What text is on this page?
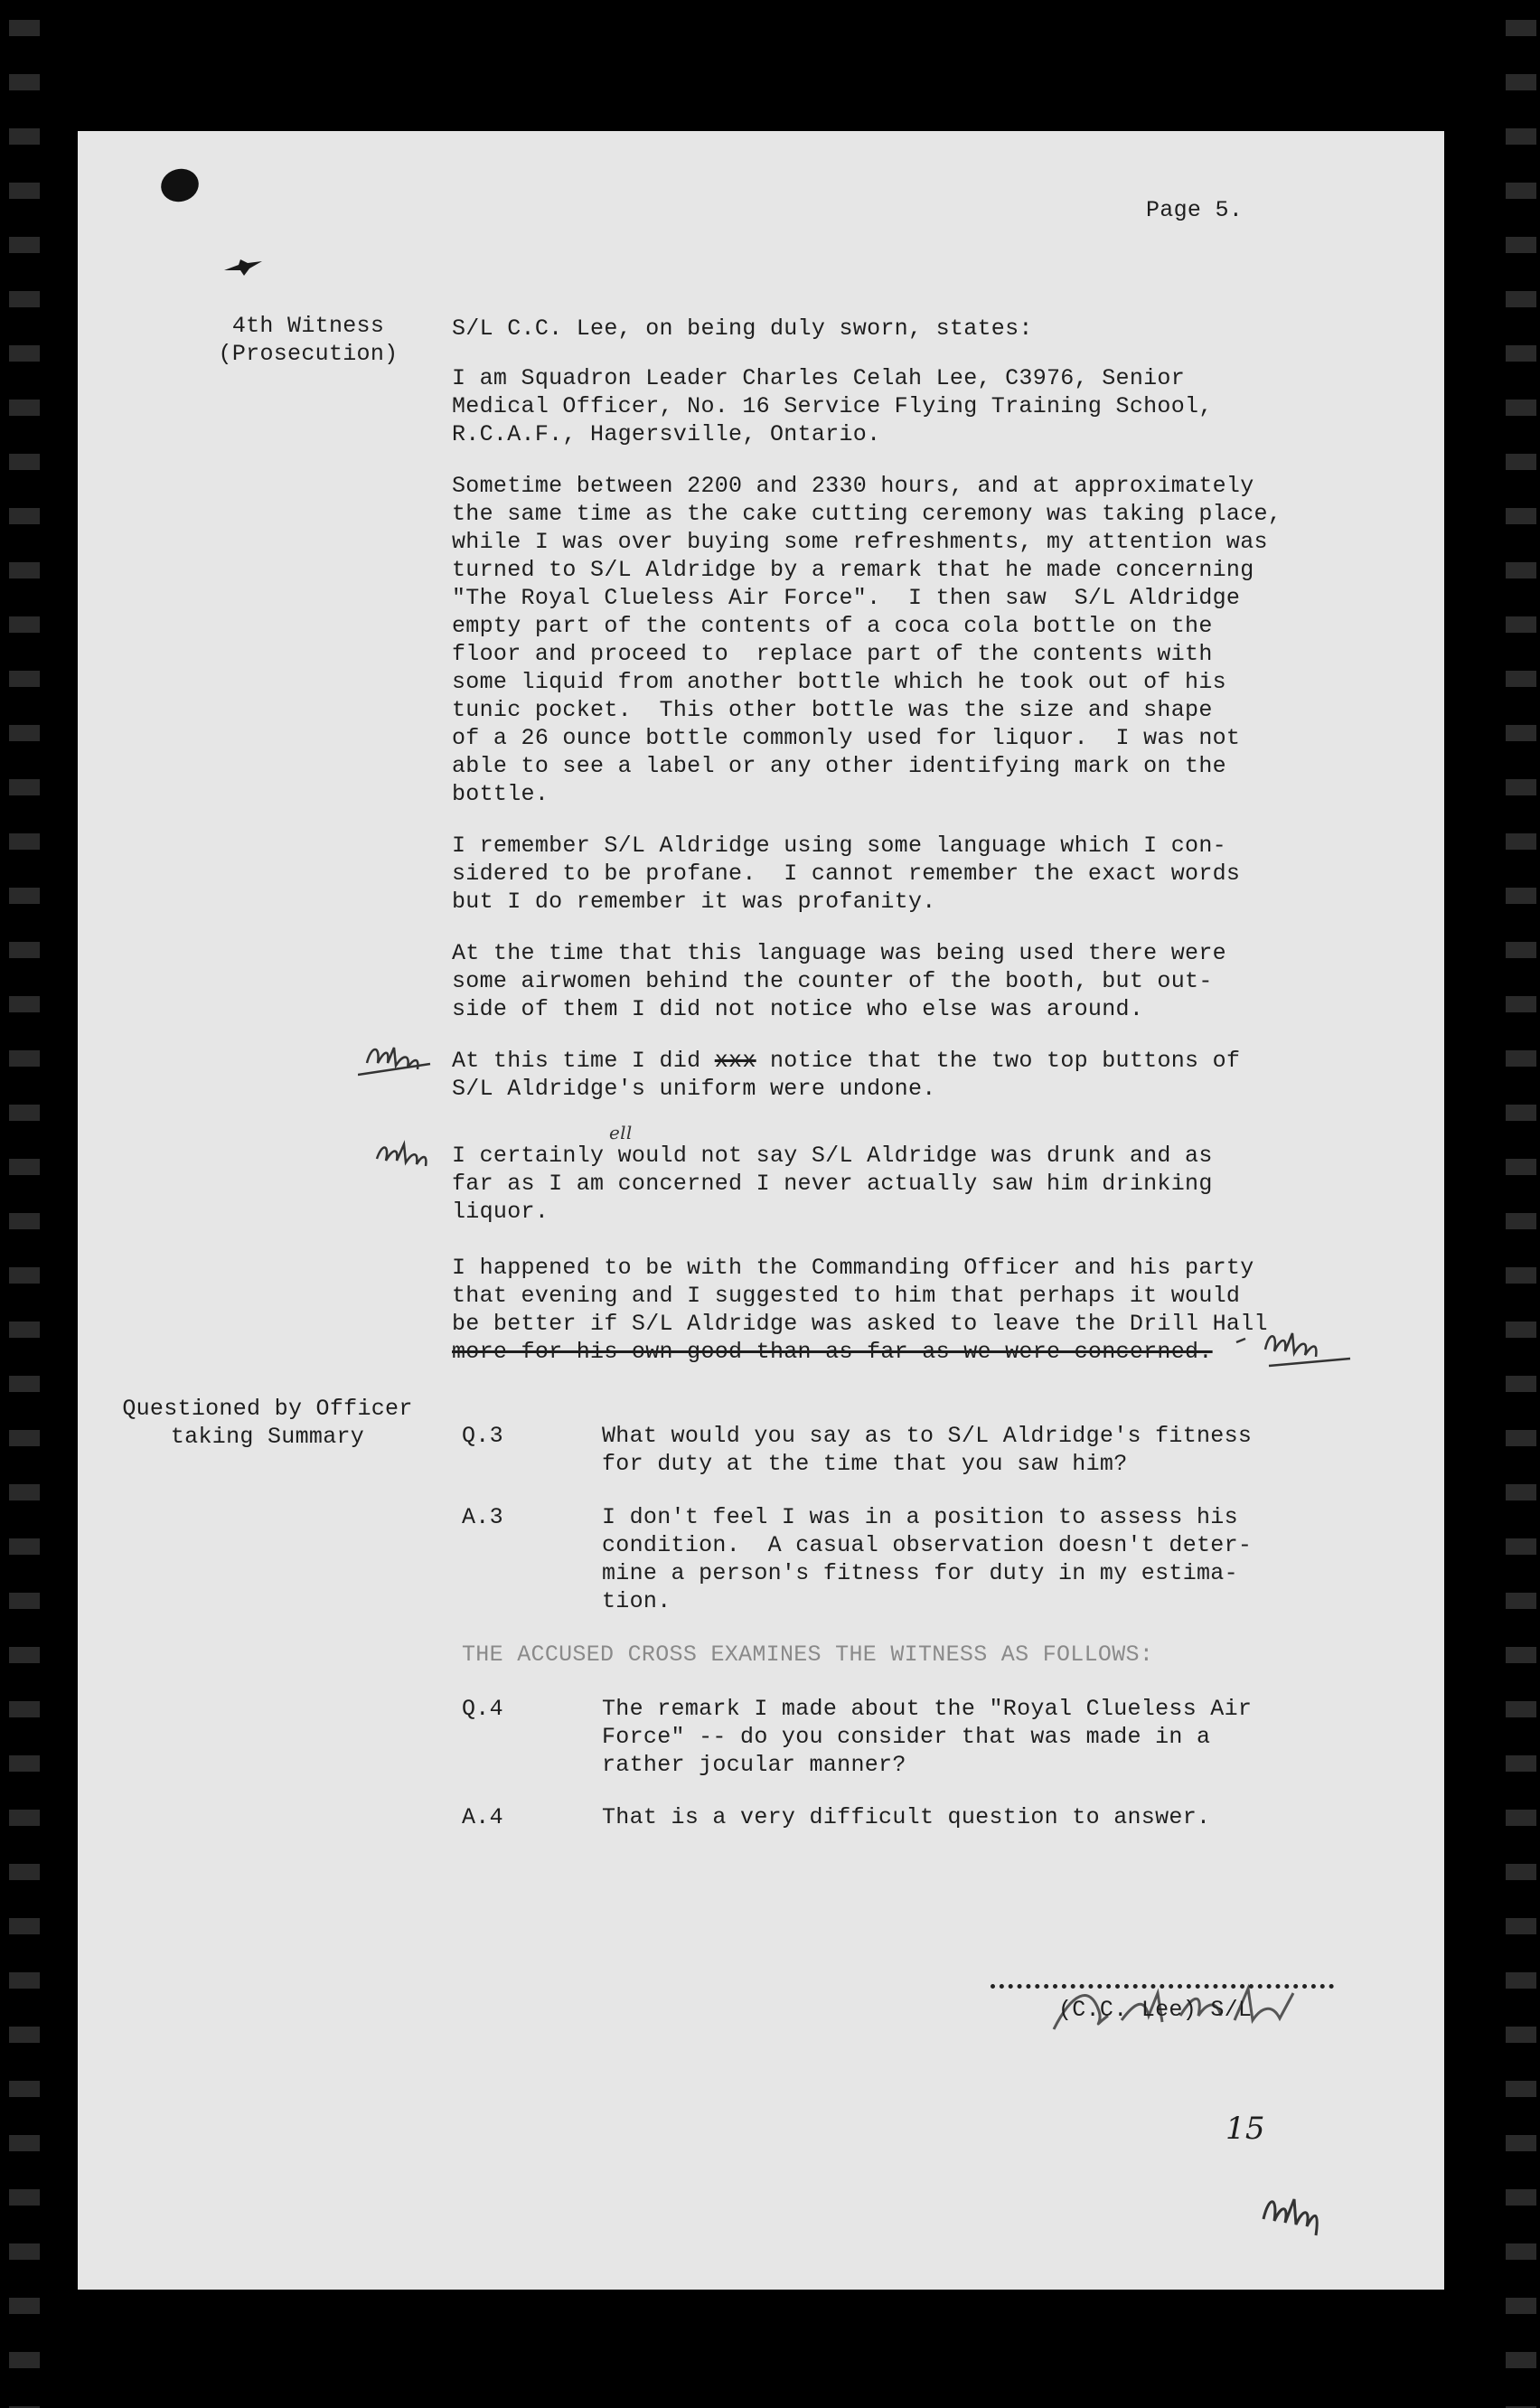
Page 5.
4th Witness
(Prosecution)
S/L C.C. Lee, on being duly sworn, states:
I am Squadron Leader Charles Celah Lee, C3976, Senior
Medical Officer, No. 16 Service Flying Training School,
R.C.A.F., Hagersville, Ontario.
Sometime between 2200 and 2330 hours, and at approximately
the same time as the cake cutting ceremony was taking place,
while I was over buying some refreshments, my attention was
turned to S/L Aldridge by a remark that he made concerning
"The Royal Clueless Air Force".  I then saw  S/L Aldridge
empty part of the contents of a coca cola bottle on the
floor and proceed to  replace part of the contents with
some liquid from another bottle which he took out of his
tunic pocket.  This other bottle was the size and shape
of a 26 ounce bottle commonly used for liquor.  I was not
able to see a label or any other identifying mark on the
bottle.
I remember S/L Aldridge using some language which I con-
sidered to be profane.  I cannot remember the exact words
but I do remember it was profanity.
At the time that this language was being used there were
some airwomen behind the counter of the booth, but out-
side of them I did not notice who else was around.
At this time I did xxx notice that the two top buttons of
S/L Aldridge's uniform were undone.
I certainly would not say S/L Aldridge was drunk and as
far as I am concerned I never actually saw him drinking
liquor.
I happened to be with the Commanding Officer and his party
that evening and I suggested to him that perhaps it would
be better if S/L Aldridge was asked to leave the Drill Hall
more for his own good than as far as we were concerned.
Questioned by Officer
taking Summary	Q.3	What would you say as to S/L Aldridge's fitness
for duty at the time that you saw him?
A.3	I don't feel I was in a position to assess his
condition.  A casual observation doesn't deter-
mine a person's fitness for duty in my estima-
tion.
THE ACCUSED CROSS EXAMINES THE WITNESS AS FOLLOWS:
Q.4	The remark I made about the "Royal Clueless Air
Force" -- do you consider that was made in a
rather jocular manner?
A.4	That is a very difficult question to answer.
(C.C. Lee) S/L
15
ell
